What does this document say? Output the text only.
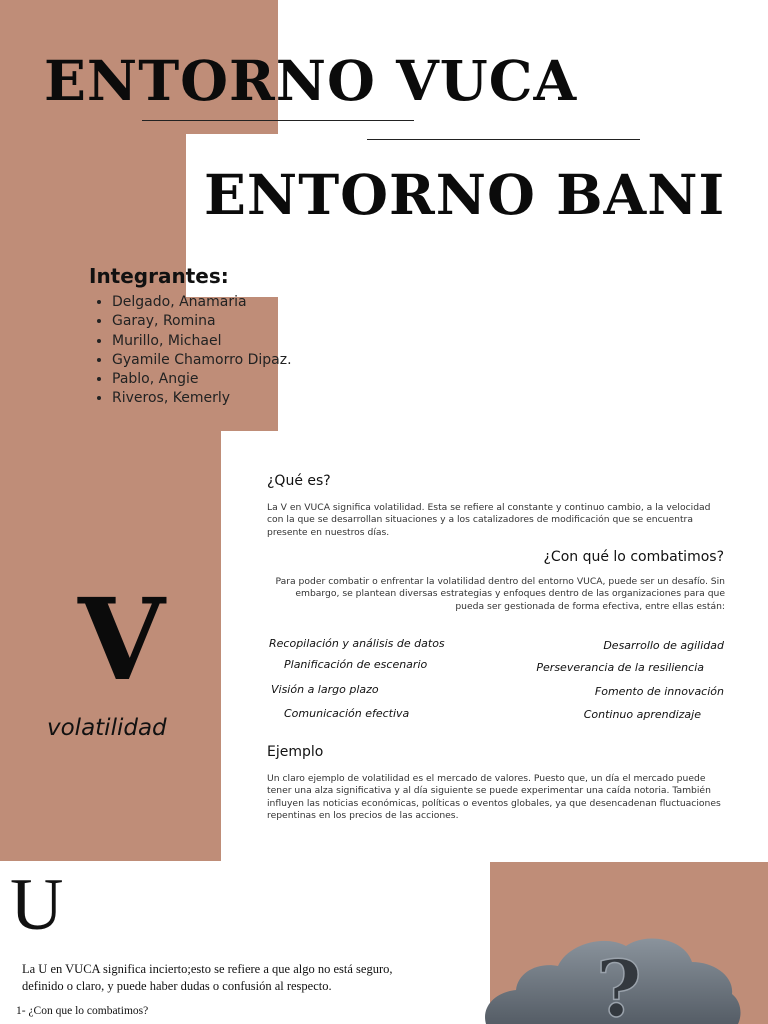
ENTORNO VUCA
ENTORNO BANI
Integrantes:
• Delgado, Anamaria
• Garay, Romina
• Murillo, Michael
• Gyamile Chamorro Dipaz.
• Pablo, Angie
• Riveros, Kemerly
V
volatilidad
¿Qué es?

La V en VUCA significa volatilidad. Esta se refiere al constante y continuo cambio, a la velocidad con la que se desarrollan situaciones y a los catalizadores de modificación que se encuentra presente en nuestros días.

¿Con qué lo combatimos?

Para poder combatir o enfrentar la volatilidad dentro del entorno VUCA, puede ser un desafío. Sin embargo, se plantean diversas estrategias y enfoques dentro de las organizaciones para que pueda ser gestionada de forma efectiva, entre ellas están:

Recopilación y análisis de datos

Planificación de escenario

Visión a largo plazo

Comunicación efectiva

Desarrollo de agilidad

Perseverancia de la resiliencia

Fomento de innovación

Continuo aprendizaje

Ejemplo

Un claro ejemplo de volatilidad es el mercado de valores. Puesto que, un día el mercado puede tener una alza significativa y al día siguiente se puede experimentar una caída notoria. También influyen las noticias económicas, políticas o eventos globales, ya que desencadenan fluctuaciones repentinas en los precios de las acciones.

U

La U en VUCA significa incierto;esto se refiere a que algo no está seguro, definido o claro, y puede haber dudas o confusión al respecto.

1- ¿Con que lo combatimos?	?
